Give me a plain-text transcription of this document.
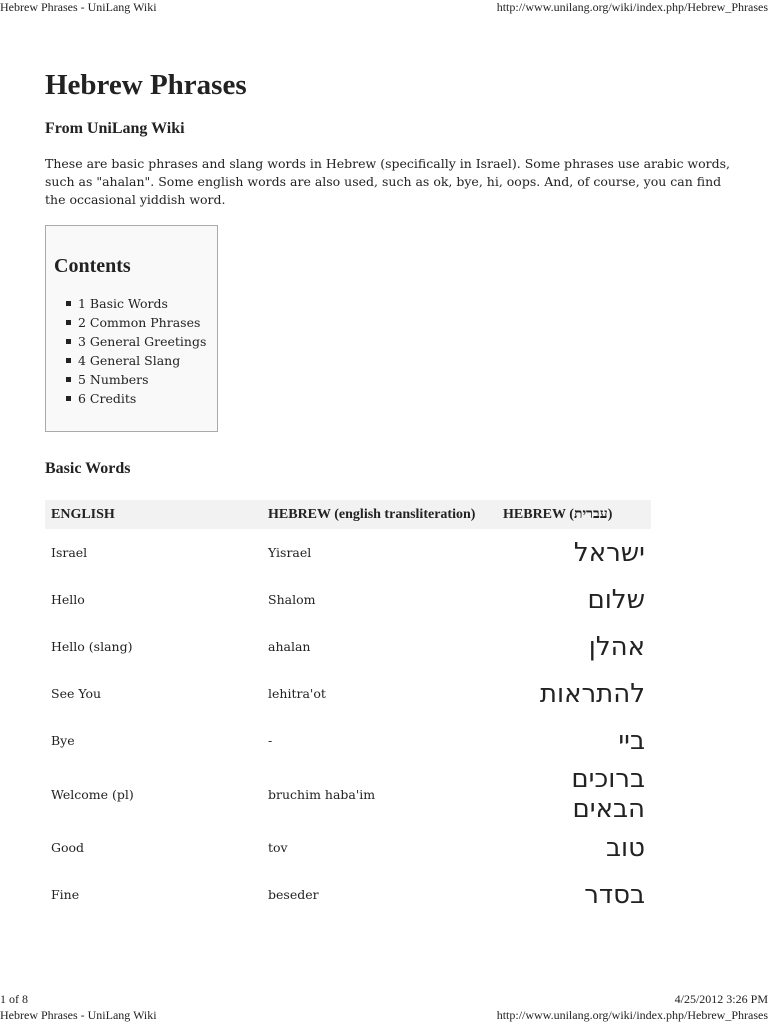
Hebrew Phrases - UniLang Wiki	http://www.unilang.org/wiki/index.php/Hebrew_Phrases
Hebrew Phrases
From UniLang Wiki
These are basic phrases and slang words in Hebrew (specifically in Israel). Some phrases use arabic words, such as "ahalan". Some english words are also used, such as ok, bye, hi, oops. And, of course, you can find the occasional yiddish word.
Contents
1 Basic Words
2 Common Phrases
3 General Greetings
4 General Slang
5 Numbers
6 Credits
Basic Words
ENGLISH	HEBREW (english transliteration)	HEBREW (עברית)
Israel	Yisrael	ישראל
Hello	Shalom	שלום
Hello (slang)	ahalan	אהלן
See You	lehitra'ot	להתראות
Bye	-	ביי
Welcome (pl)	bruchim haba'im	ברוכים הבאים
Good	tov	טוב
Fine	beseder	בסדר
1 of 8	4/25/2012 3:26 PM
Hebrew Phrases - UniLang Wiki	http://www.unilang.org/wiki/index.php/Hebrew_Phrases
